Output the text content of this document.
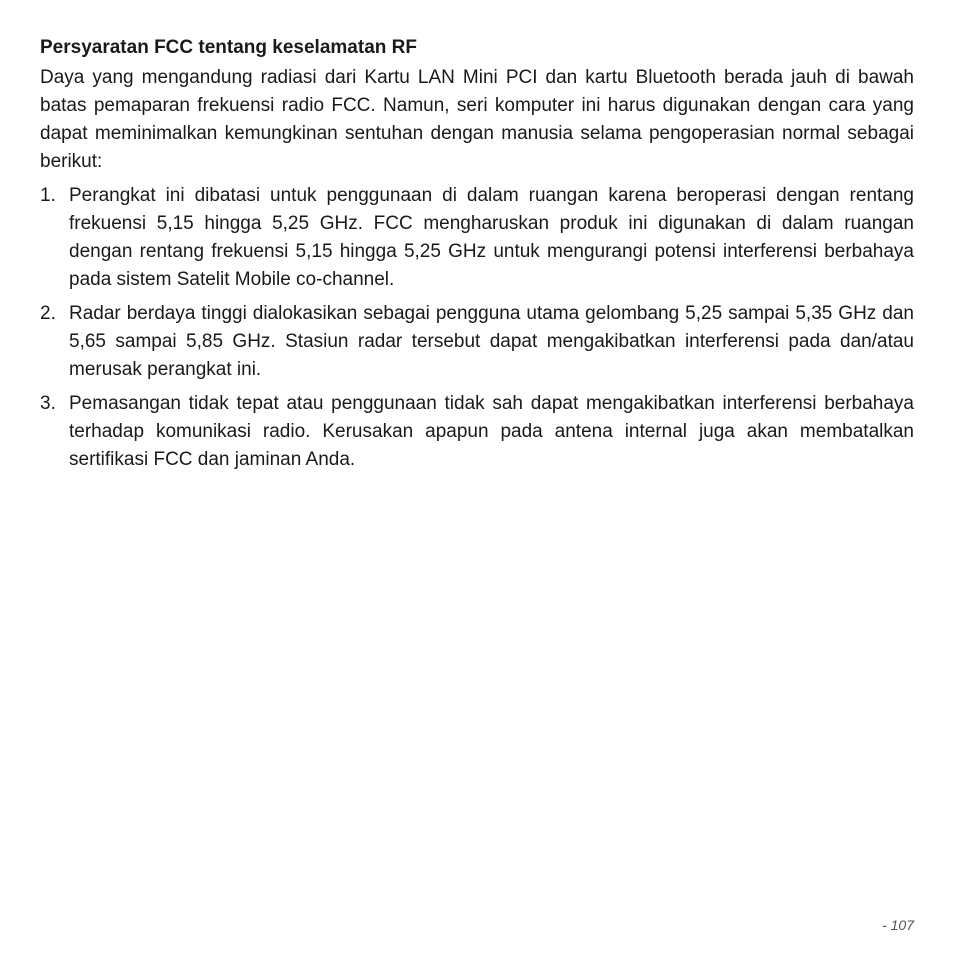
Persyaratan FCC tentang keselamatan RF

Daya yang mengandung radiasi dari Kartu LAN Mini PCI dan kartu Bluetooth berada jauh di bawah batas pemaparan frekuensi radio FCC. Namun, seri komputer ini harus digunakan dengan cara yang dapat meminimalkan kemungkinan sentuhan dengan manusia selama pengoperasian normal sebagai berikut:

1. Perangkat ini dibatasi untuk penggunaan di dalam ruangan karena beroperasi dengan rentang frekuensi 5,15 hingga 5,25 GHz. FCC mengharuskan produk ini digunakan di dalam ruangan dengan rentang frekuensi 5,15 hingga 5,25 GHz untuk mengurangi potensi interferensi berbahaya pada sistem Satelit Mobile co-channel.
2. Radar berdaya tinggi dialokasikan sebagai pengguna utama gelombang 5,25 sampai 5,35 GHz dan 5,65 sampai 5,85 GHz. Stasiun radar tersebut dapat mengakibatkan interferensi pada dan/atau merusak perangkat ini.
3. Pemasangan tidak tepat atau penggunaan tidak sah dapat mengakibatkan interferensi berbahaya terhadap komunikasi radio. Kerusakan apapun pada antena internal juga akan membatalkan sertifikasi FCC dan jaminan Anda.
- 107
